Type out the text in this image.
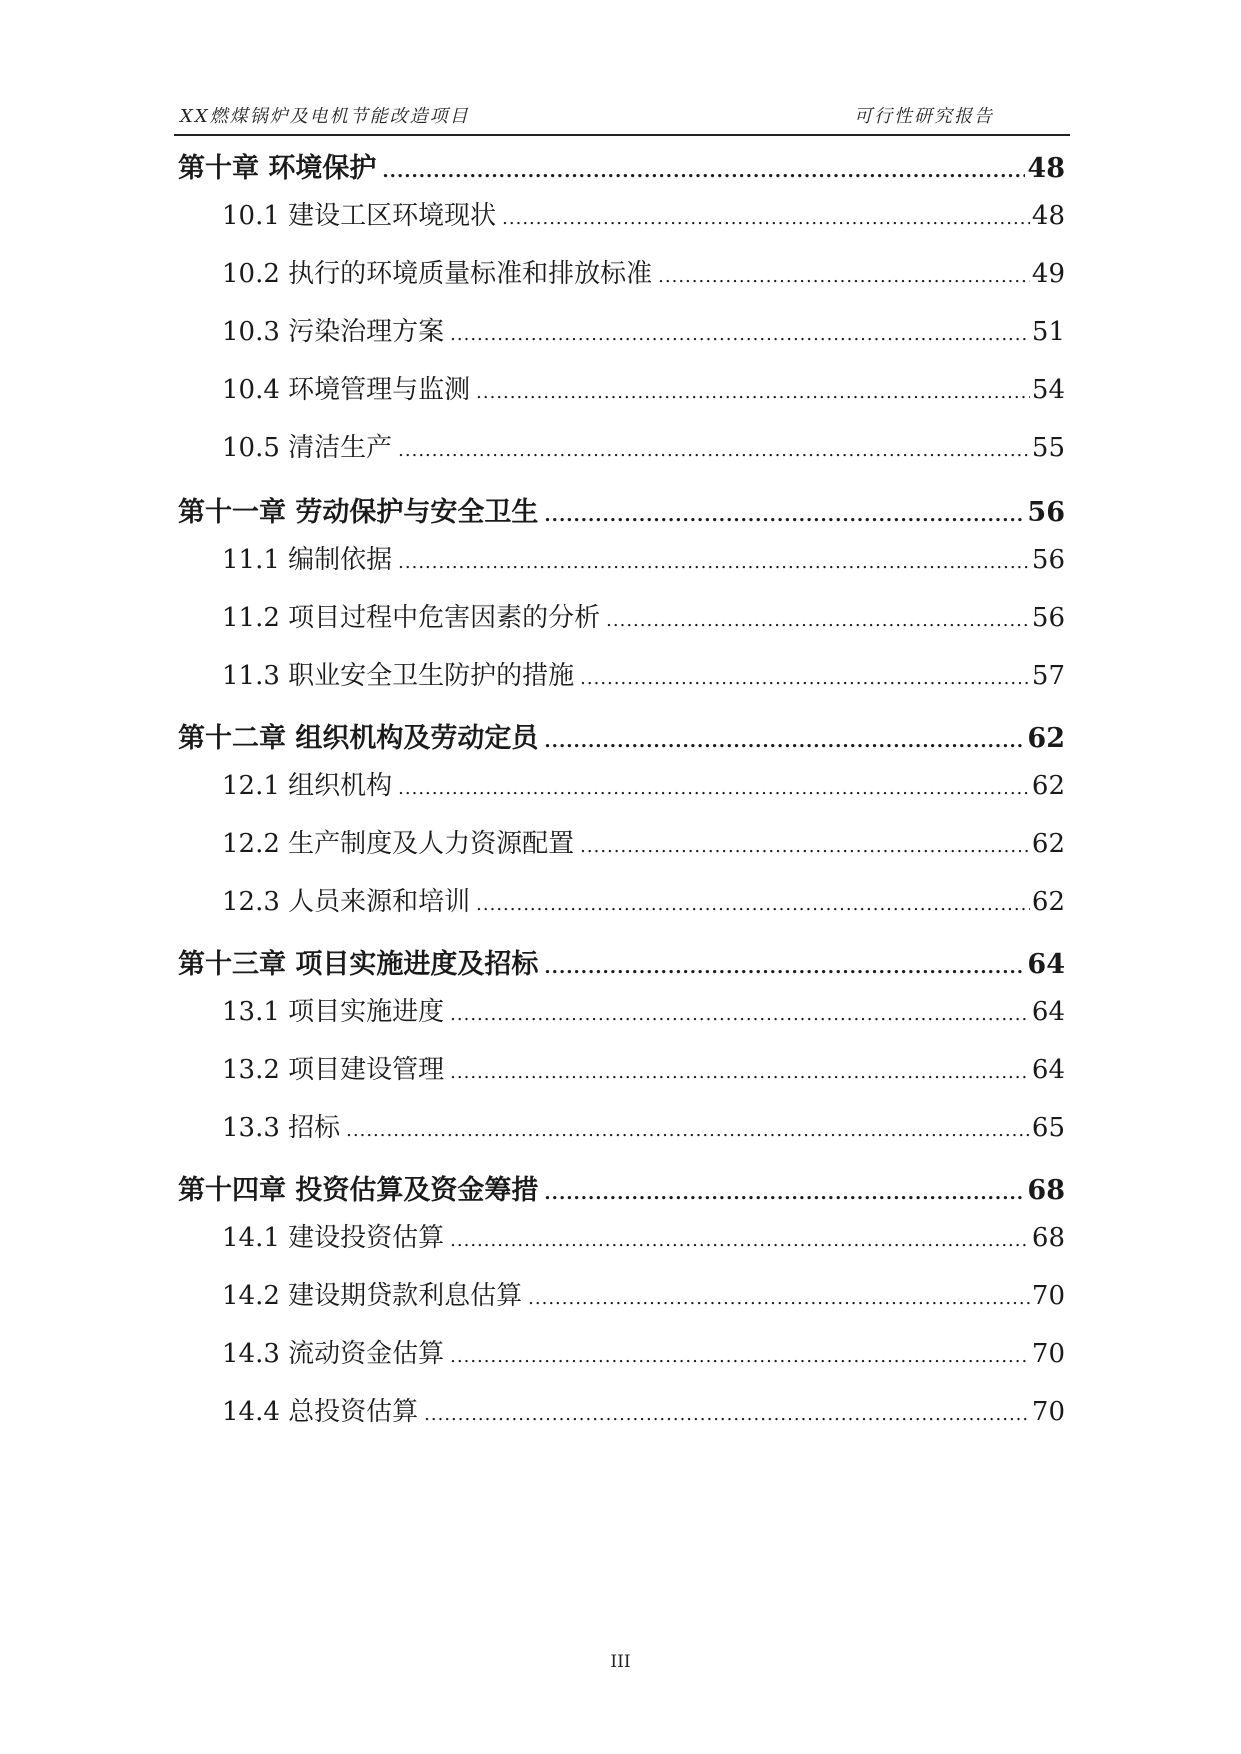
XX燃煤锅炉及电机节能改造项目	可行性研究报告
第十章 环境保护 .....	48
10.1 建设工区环境现状 .....	48
10.2 执行的环境质量标准和排放标准 .....	49
10.3 污染治理方案 .....	51
10.4 环境管理与监测 .....	54
10.5 清洁生产 .....	55
第十一章 劳动保护与安全卫生 .....	56
11.1 编制依据 .....	56
11.2 项目过程中危害因素的分析 .....	56
11.3 职业安全卫生防护的措施 .....	57
第十二章 组织机构及劳动定员 .....	62
12.1 组织机构 .....	62
12.2 生产制度及人力资源配置 .....	62
12.3 人员来源和培训 .....	62
第十三章 项目实施进度及招标 .....	64
13.1 项目实施进度 .....	64
13.2 项目建设管理 .....	64
13.3 招标 .....	65
第十四章 投资估算及资金筹措 .....	68
14.1 建设投资估算 .....	68
14.2 建设期贷款利息估算 .....	70
14.3 流动资金估算 .....	70
14.4 总投资估算 .....	70
III
